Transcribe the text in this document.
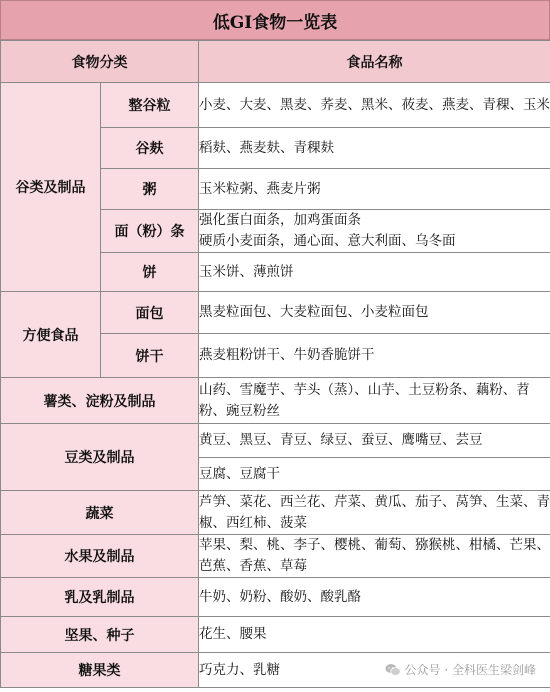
低GI食物一览表
食物分类		食品名称
谷类及制品	整谷粒	小麦、大麦、黑麦、荞麦、黑米、莜麦、燕麦、青稞、玉米
	谷麸	稻麸、燕麦麸、青稞麸
	粥	玉米粒粥、燕麦片粥
	面（粉）条	强化蛋白面条，加鸡蛋面条
硬质小麦面条，通心面、意大利面、乌冬面
	饼	玉米饼、薄煎饼
方便食品	面包	黑麦粒面包、大麦粒面包、小麦粒面包
	饼干	燕麦粗粉饼干、牛奶香脆饼干
薯类、淀粉及制品		山药、雪魔芋、芋头（蒸）、山芋、土豆粉条、藕粉、苕粉、豌豆粉丝
豆类及制品		黄豆、黑豆、青豆、绿豆、蚕豆、鹰嘴豆、芸豆
		豆腐、豆腐干
蔬菜		芦笋、菜花、西兰花、芹菜、黄瓜、茄子、莴笋、生菜、青椒、西红柿、菠菜
水果及制品		苹果、梨、桃、李子、樱桃、葡萄、猕猴桃、柑橘、芒果、芭蕉、香蕉、草莓
乳及乳制品		牛奶、奶粉、酸奶、酸乳酪
坚果、种子		花生、腰果
糖果类		巧克力、乳糖	公众号 · 全科医生梁剑峰
